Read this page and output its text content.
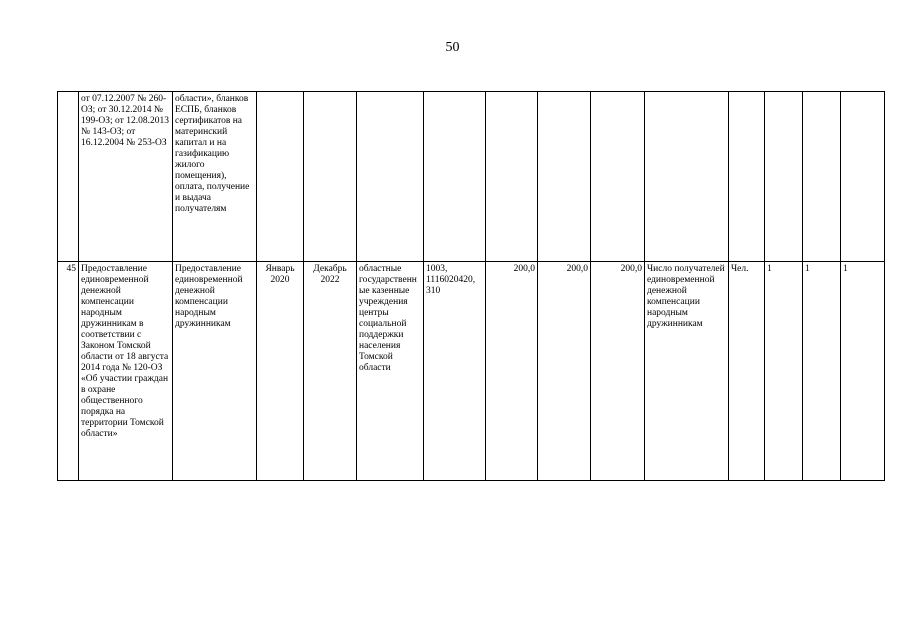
50
	от 07.12.2007 № 260-ОЗ; от 30.12.2014 № 199-ОЗ; от 12.08.2013 № 143-ОЗ; от 16.12.2004 № 253-ОЗ	области», бланков ЕСПБ, бланков сертификатов на материнский капитал и на газификацию жилого помещения), оплата, получение и выдача получателям												
45	Предоставление единовременной денежной компенсации народным дружинникам в соответствии с Законом Томской области от 18 августа 2014 года № 120-ОЗ «Об участии граждан в охране общественного порядка на территории Томской области»	Предоставление единовременной денежной компенсации народным дружинникам	Январь 2020	Декабрь 2022	областные государственные казенные учреждения центры социальной поддержки населения Томской области	1003, 1116020420, 310	200,0	200,0	200,0	Число получателей единовременной денежной компенсации народным дружинникам	Чел.	1	1	1
